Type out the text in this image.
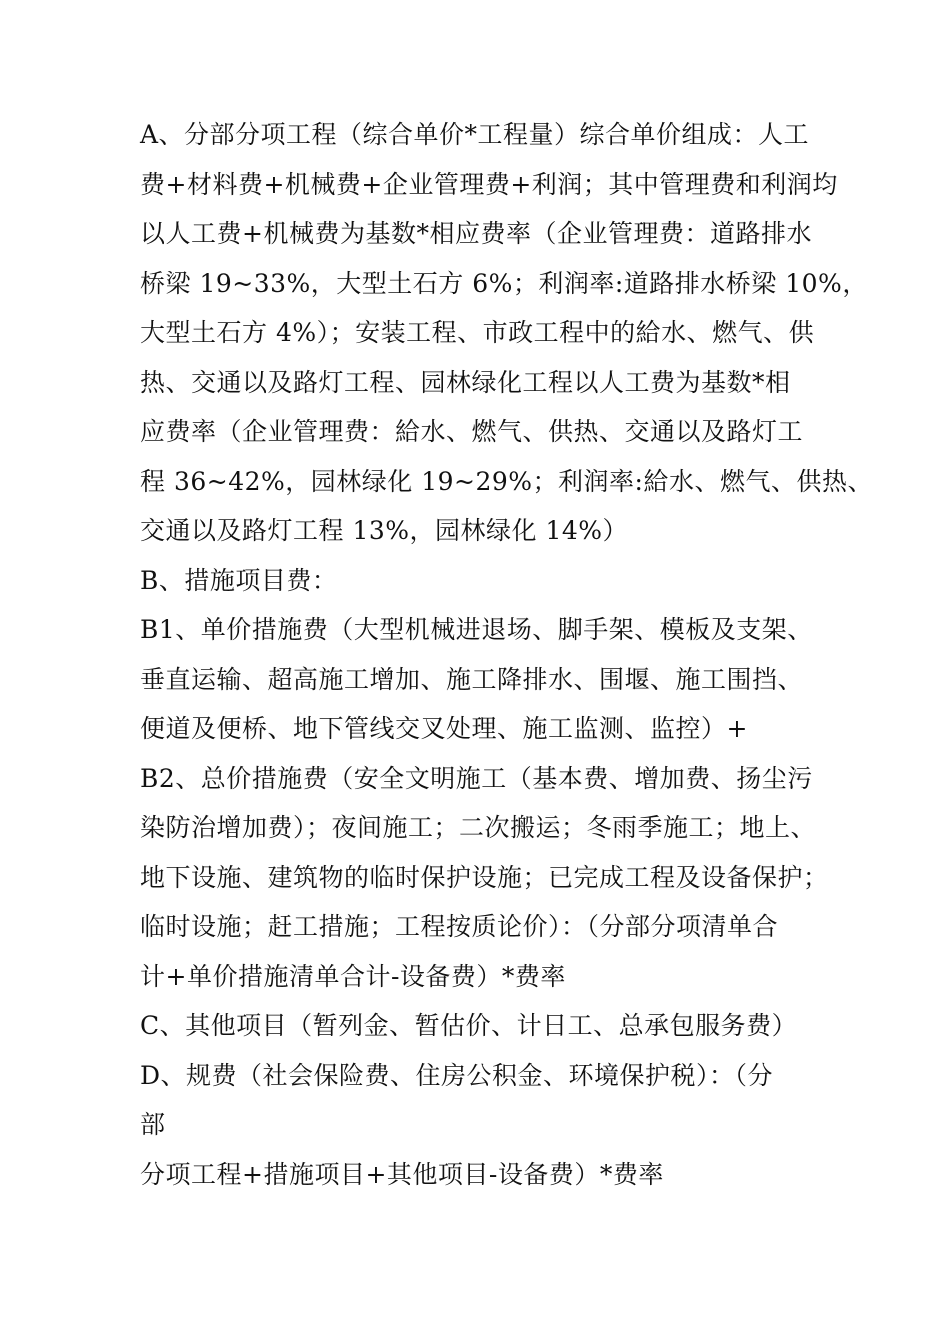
A、分部分项工程（综合单价*工程量）综合单价组成：人工
费+材料费+机械费+企业管理费+利润；其中管理费和利润均
以人工费+机械费为基数*相应费率（企业管理费：道路排水
桥梁 19~33%，大型土石方 6%；利润率:道路排水桥梁 10%，
大型土石方 4%）；安装工程、市政工程中的給水、燃气、供
热、交通以及路灯工程、园林绿化工程以人工费为基数*相
应费率（企业管理费：給水、燃气、供热、交通以及路灯工
程 36~42%，园林绿化 19~29%；利润率:給水、燃气、供热、
交通以及路灯工程 13%，园林绿化 14%）
B、措施项目费：
B1、单价措施费（大型机械进退场、脚手架、模板及支架、
垂直运输、超高施工增加、施工降排水、围堰、施工围挡、
便道及便桥、地下管线交叉处理、施工监测、监控）+
B2、总价措施费（安全文明施工（基本费、增加费、扬尘污
染防治增加费）；夜间施工；二次搬运；冬雨季施工；地上、
地下设施、建筑物的临时保护设施；已完成工程及设备保护；
临时设施；赶工措施；工程按质论价）：（分部分项清单合
计+单价措施清单合计-设备费）*费率
C、其他项目（暂列金、暂估价、计日工、总承包服务费）
D、规费（社会保险费、住房公积金、环境保护税）：（分
部
分项工程+措施项目+其他项目-设备费）*费率
